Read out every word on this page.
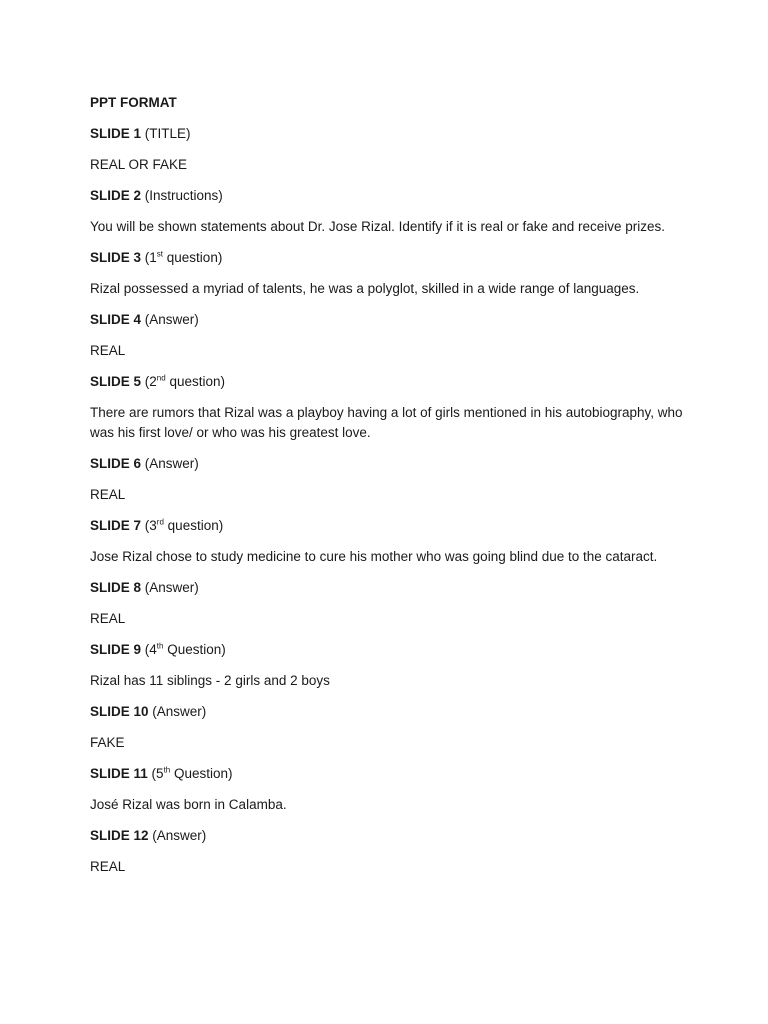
PPT FORMAT

SLIDE 1 (TITLE)

REAL OR FAKE

SLIDE 2 (Instructions)

You will be shown statements about Dr. Jose Rizal. Identify if it is real or fake and receive prizes.

SLIDE 3 (1st question)

Rizal possessed a myriad of talents, he was a polyglot, skilled in a wide range of languages.

SLIDE 4 (Answer)

REAL

SLIDE 5 (2nd question)

There are rumors that Rizal was a playboy having a lot of girls mentioned in his autobiography, who was his first love/ or who was his greatest love.

SLIDE 6 (Answer)

REAL

SLIDE 7 (3rd question)

Jose Rizal chose to study medicine to cure his mother who was going blind due to the cataract.

SLIDE 8 (Answer)

REAL

SLIDE 9 (4th Question)

Rizal has 11 siblings - 2 girls and 2 boys

SLIDE 10 (Answer)

FAKE

SLIDE 11 (5th Question)

José Rizal was born in Calamba.

SLIDE 12 (Answer)

REAL
